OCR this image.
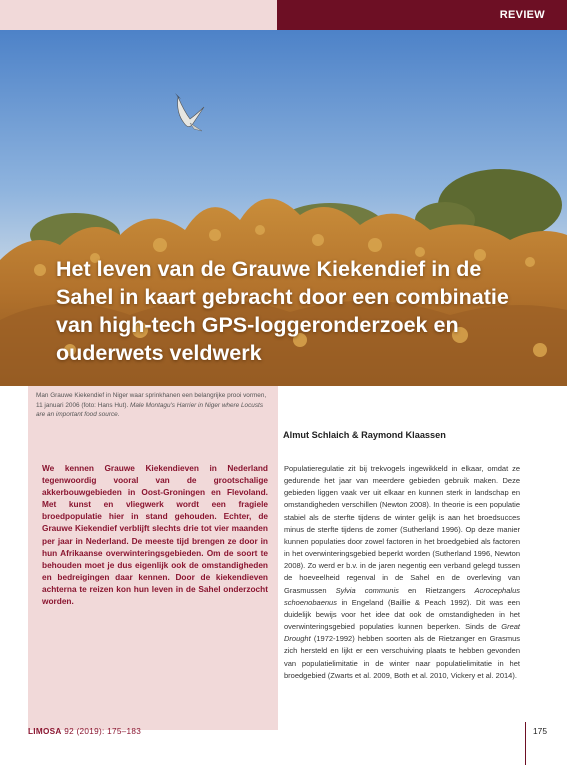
REVIEW
Het leven van de Grauwe Kiekendief in de Sahel in kaart gebracht door een combinatie van high-tech GPS-loggeronderzoek en ouderwets veldwerk

Man Grauwe Kiekendief in Niger waar sprinkhanen een belangrijke prooi vormen, 11 januari 2006 (foto: Hans Hut). Male Montagu's Harrier in Niger where Locusts are an important food source.

We kennen Grauwe Kiekendieven in Nederland tegenwoordig vooral van de grootschalige akkerbouwgebieden in Oost-Groningen en Flevoland. Met kunst en vliegwerk wordt een fragiele broedpopulatie hier in stand gehouden. Echter, de Grauwe Kiekendief verblijft slechts drie tot vier maanden per jaar in Nederland. De meeste tijd brengen ze door in hun Afrikaanse overwinteringsgebieden. Om de soort te behouden moet je dus eigenlijk ook de omstandigheden en bedreigingen daar kennen. Door de kiekendieven achterna te reizen kon hun leven in de Sahel onderzocht worden.

Almut Schlaich & Raymond Klaassen

Populatieregulatie zit bij trekvogels ingewikkeld in elkaar, omdat ze gedurende het jaar van meerdere gebieden gebruik maken. Deze gebieden liggen vaak ver uit elkaar en kunnen sterk in landschap en omstandigheden verschillen (Newton 2008). In theorie is een populatie stabiel als de sterfte tijdens de winter gelijk is aan het broedsucces minus de sterfte tijdens de zomer (Sutherland 1996). Op deze manier kunnen populaties door zowel factoren in het broedgebied als factoren in het overwinteringsgebied beperkt worden (Sutherland 1996, Newton 2008). Zo werd er b.v. in de jaren negentig een verband gelegd tussen de hoeveelheid regenval in de Sahel en de overleving van Grasmussen Sylvia communis en Rietzangers Acrocephalus schoenobaenus in Engeland (Baillie & Peach 1992). Dit was een duidelijk bewijs voor het idee dat ook de omstandigheden in het overwinteringsgebied populaties kunnen beperken. Sinds de Great Drought (1972-1992) hebben soorten als de Rietzanger en Grasmus zich hersteld en lijkt er een verschuiving plaats te hebben gevonden van populatielimitatie in de winter naar populatielimitatie in het broedgebied (Zwarts et al. 2009, Both et al. 2010, Vickery et al. 2014).

LIMOSA 92 (2019): 175–183	175
